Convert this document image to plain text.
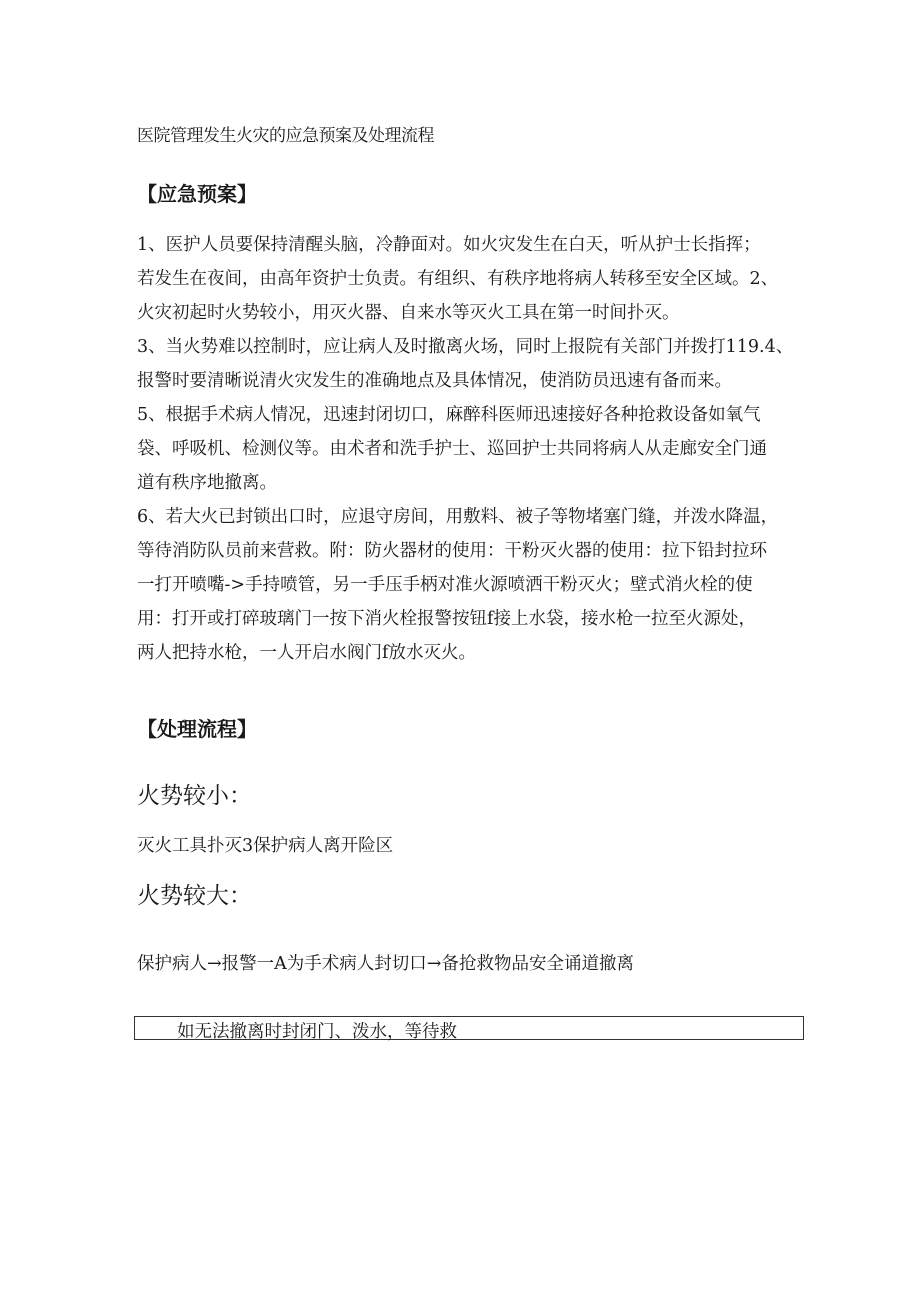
医院管理发生火灾的应急预案及处理流程
【应急预案】

1、医护人员要保持清醒头脑，冷静面对。如火灾发生在白天，听从护士长指挥；
若发生在夜间，由高年资护士负责。有组织、有秩序地将病人转移至安全区域。2、
火灾初起时火势较小，用灭火器、自来水等灭火工具在第一时间扑灭。
3、当火势难以控制时，应让病人及时撤离火场，同时上报院有关部门并拨打119.4、
报警时要清晰说清火灾发生的准确地点及具体情况，使消防员迅速有备而来。
5、根据手术病人情况，迅速封闭切口，麻醉科医师迅速接好各种抢救设备如氧气
袋、呼吸机、检测仪等。由术者和洗手护士、巡回护士共同将病人从走廊安全门通
道有秩序地撤离。
6、若大火已封锁出口时，应退守房间，用敷料、被子等物堵塞门缝，并泼水降温，
等待消防队员前来营救。附：防火器材的使用：干粉灭火器的使用：拉下铅封拉环
一打开喷嘴->手持喷管，另一手压手柄对准火源喷洒干粉灭火；壁式消火栓的使
用：打开或打碎玻璃门一按下消火栓报警按钮f接上水袋，接水枪一拉至火源处，
两人把持水枪，一人开启水阀门f放水灭火。

【处理流程】
火势较小：
灭火工具扑灭3保护病人离开险区
火势较大：
保护病人→报警一A为手术病人封切口→备抢救物品安全诵道撤离
如无法撤离时封闭门、泼水，等待救
